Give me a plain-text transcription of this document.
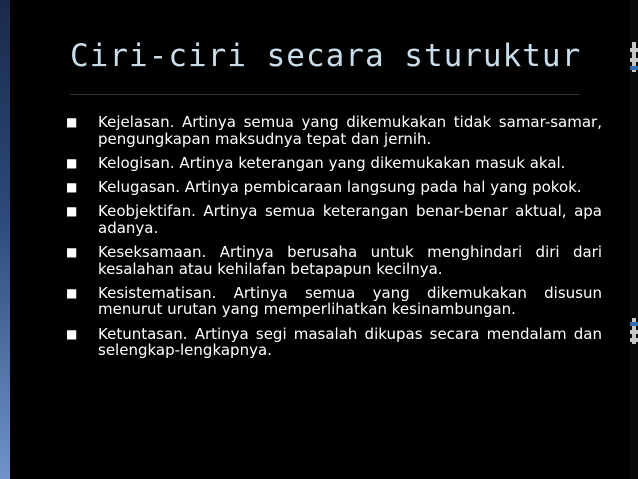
Ciri-ciri secara sturuktur
■ Kejelasan. Artinya semua yang dikemukakan tidak samar-samar, pengungkapan maksudnya tepat dan jernih.
■ Kelogisan. Artinya keterangan yang dikemukakan masuk akal.
■ Kelugasan. Artinya pembicaraan langsung pada hal yang pokok.
■ Keobjektifan. Artinya semua keterangan benar-benar aktual, apa adanya.
■ Keseksamaan. Artinya berusaha untuk menghindari diri dari kesalahan atau kehilafan betapapun kecilnya.
■ Kesistematisan. Artinya semua yang dikemukakan disusun menurut urutan yang memperlihatkan kesinambungan.
■ Ketuntasan. Artinya segi masalah dikupas secara mendalam dan selengkap-lengkapnya.
